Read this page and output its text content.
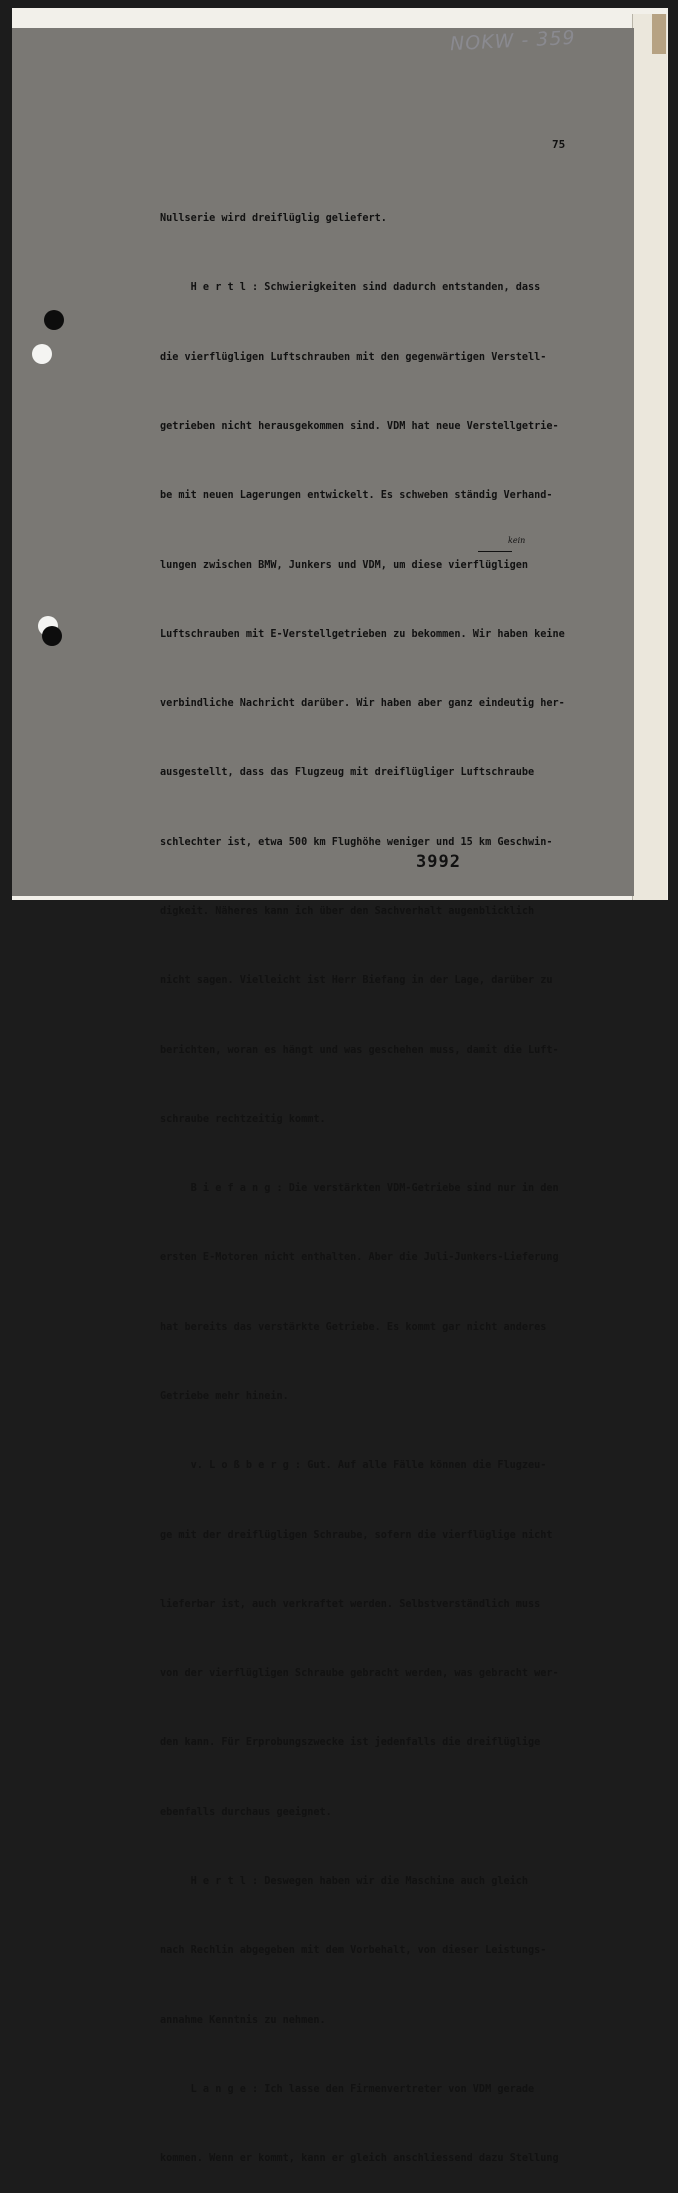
NOKW - 359
75

Nullserie wird dreiflüglig geliefert.

H e r t l : Schwierigkeiten sind dadurch entstanden, dass

die vierflügligen Luftschrauben mit den gegenwärtigen Verstell-

getrieben nicht herausgekommen sind. VDM hat neue Verstellgetrie-

be mit neuen Lagerungen entwickelt. Es schweben ständig Verhand-

lungen zwischen BMW, Junkers und VDM, um diese vierflügligen

Luftschrauben mit E-Verstellgetrieben zu bekommen. Wir haben keine

verbindliche Nachricht darüber. Wir haben aber ganz eindeutig her-

ausgestellt, dass das Flugzeug mit dreiflügliger Luftschraube

schlechter ist, etwa 500 km Flughöhe weniger und 15 km Geschwin-

digkeit. Näheres kann ich über den Sachverhalt augenblicklich

nicht sagen. Vielleicht ist Herr Biefang in der Lage, darüber zu

berichten, woran es hängt und was geschehen muss, damit die Luft-

schraube rechtzeitig kommt.

B i e f a n g : Die verstärkten VDM-Getriebe sind nur in den

ersten E-Motoren nicht enthalten. Aber die Juli-Junkers-Lieferung

hat bereits das verstärkte Getriebe. Es kommt gar nicht anderes

Getriebe mehr hinein.

v. L o ß b e r g : Gut. Auf alle Fälle können die Flugzeu-

ge mit der dreiflügligen Schraube, sofern die vierflüglige nicht

lieferbar ist, auch verkraftet werden. Selbstverständlich muss

von der vierflügligen Schraube gebracht werden, was gebracht wer-

den kann. Für Erprobungszwecke ist jedenfalls die dreiflüglige

ebenfalls durchaus geeignet.

H e r t l : Deswegen haben wir die Maschine auch gleich

nach Rechlin abgegeben mit dem Vorbehalt, von dieser Leistungs-

annahme Kenntnis zu nehmen.

L a n g e : Ich lasse den Firmenvertreter von VDM gerade

kommen. Wenn er kommt, kann er gleich anschliessend dazu Stellung

kein
3992
